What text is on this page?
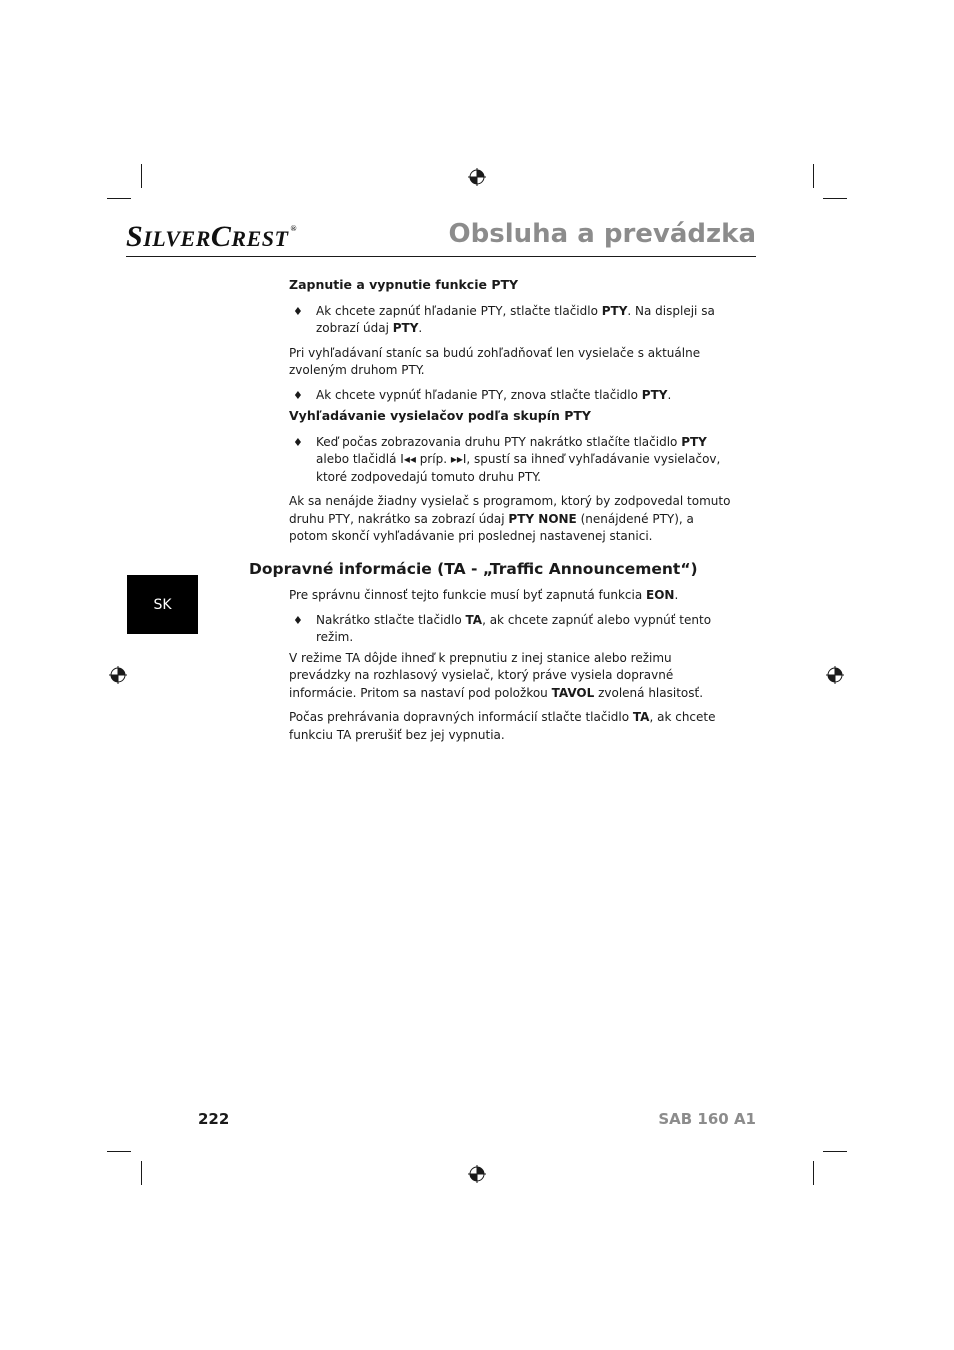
SILVERCREST ®	Obsluha a prevádzka
SK

Zapnutie a vypnutie funkcie PTY

♦ Ak chcete zapnúť hľadanie PTY, stlačte tlačidlo PTY. Na displeji sa zobrazí údaj PTY.

Pri vyhľadávaní staníc sa budú zohľadňovať len vysielače s aktuálne zvoleným druhom PTY.

♦ Ak chcete vypnúť hľadanie PTY, znova stlačte tlačidlo PTY.

Vyhľadávanie vysielačov podľa skupín PTY

♦ Keď počas zobrazovania druhu PTY nakrátko stlačíte tlačidlo PTY alebo tlačidlá I◂◂ príp. ▸▸I, spustí sa ihneď vyhľadávanie vysielačov, ktoré zodpovedajú tomuto druhu PTY.

Ak sa nenájde žiadny vysielač s programom, ktorý by zodpovedal tomuto druhu PTY, nakrátko sa zobrazí údaj PTY NONE (nenájdené PTY), a potom skončí vyhľadávanie pri poslednej nastavenej stanici.

Dopravné informácie (TA - „Traffic Announcement“)

Pre správnu činnosť tejto funkcie musí byť zapnutá funkcia EON.

♦ Nakrátko stlačte tlačidlo TA, ak chcete zapnúť alebo vypnúť tento režim.

V režime TA dôjde ihneď k prepnutiu z inej stanice alebo režimu prevádzky na rozhlasový vysielač, ktorý práve vysiela dopravné informácie. Pritom sa nastaví pod položkou TAVOL zvolená hlasitosť.

Počas prehrávania dopravných informácií stlačte tlačidlo TA, ak chcete funkciu TA prerušiť bez jej vypnutia.

222	SAB 160 A1
